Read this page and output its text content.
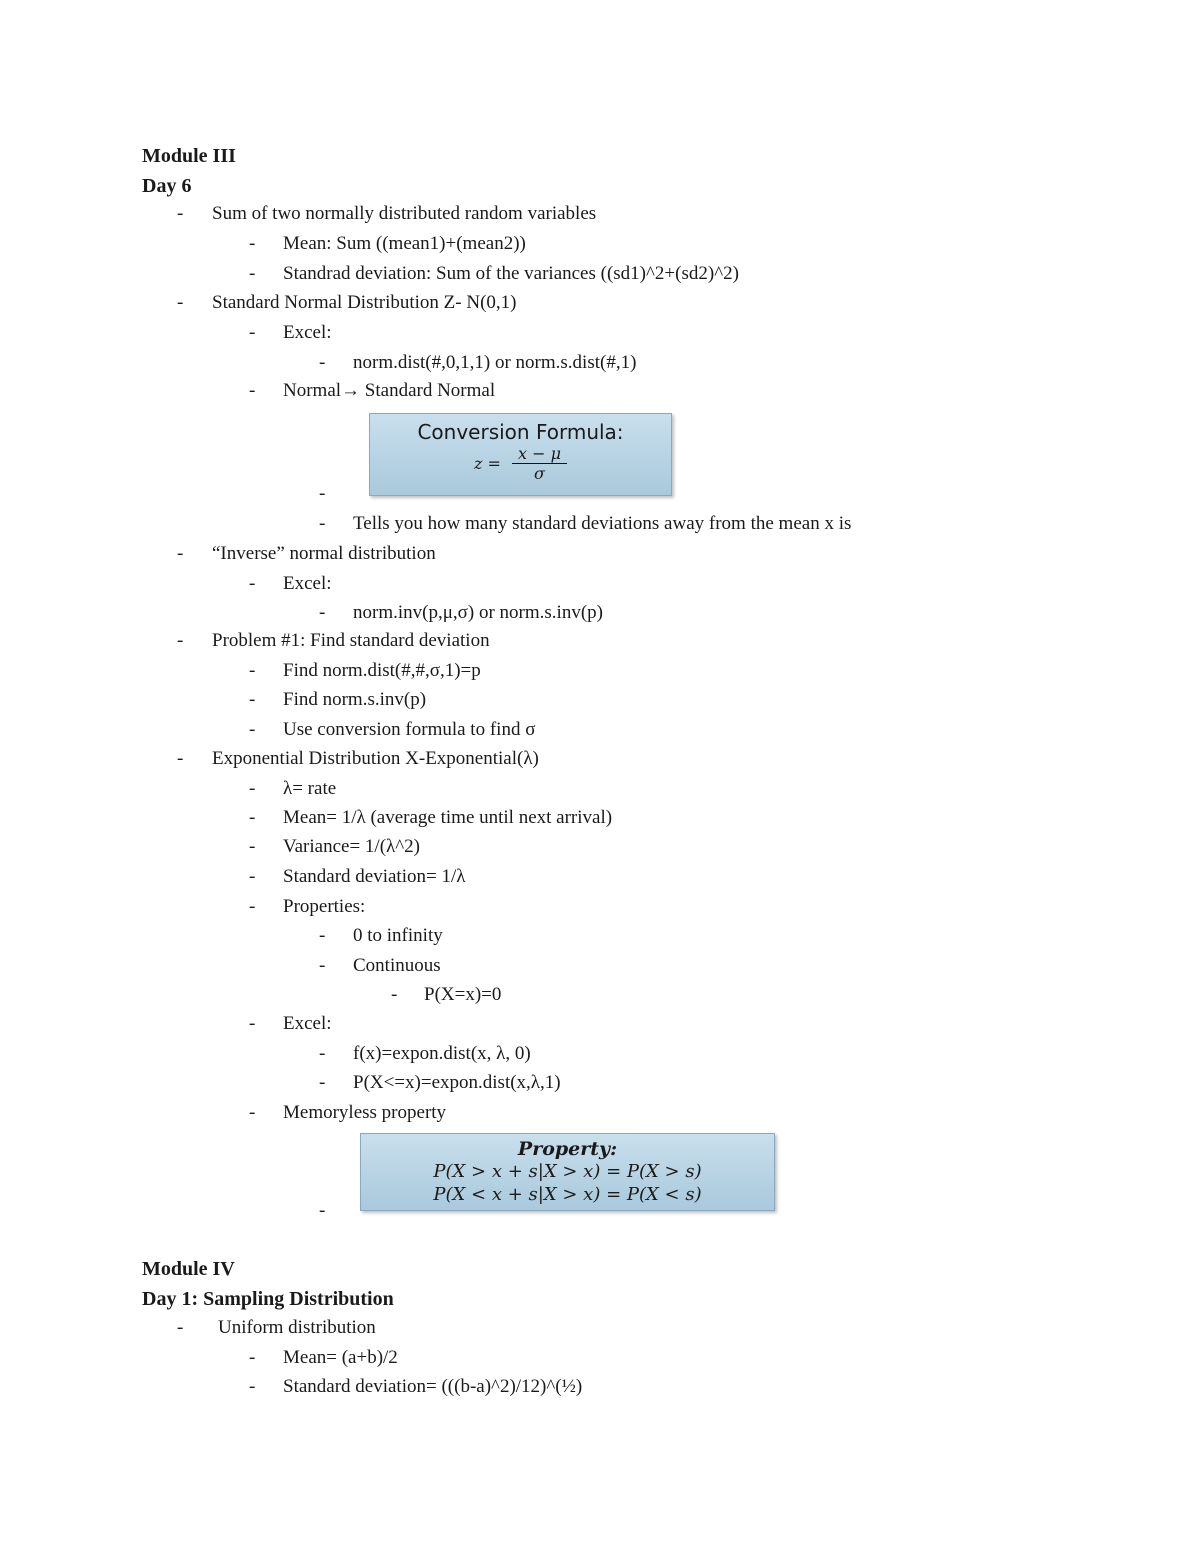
Module III
Day 6
- Sum of two normally distributed random variables
- Mean: Sum ((mean1)+(mean2))
- Standrad deviation: Sum of the variances ((sd1)^2+(sd2)^2)
- Standard Normal Distribution Z- N(0,1)
- Excel:
- norm.dist(#,0,1,1) or norm.s.dist(#,1)
- Normal→ Standard Normal
Conversion Formula:
$z = \frac{x - \mu}{\sigma}$
-
- Tells you how many standard deviations away from the mean x is
- “Inverse” normal distribution
- Excel:
- norm.inv(p,μ,σ) or norm.s.inv(p)
- Problem #1: Find standard deviation
- Find norm.dist(#,#,σ,1)=p
- Find norm.s.inv(p)
- Use conversion formula to find σ
- Exponential Distribution X-Exponential(λ)
- λ= rate
- Mean= 1/λ (average time until next arrival)
- Variance= 1/(λ^2)
- Standard deviation= 1/λ
- Properties:
- 0 to infinity
- Continuous
- P(X=x)=0
- Excel:
- f(x)=expon.dist(x, λ, 0)
- P(X<=x)=expon.dist(x,λ,1)
- Memoryless property
Property:
P(X > x + s|X > x) = P(X > s)
P(X < x + s|X > x) = P(X < s)
-
Module IV
Day 1: Sampling Distribution
- Uniform distribution
- Mean= (a+b)/2
- Standard deviation= (((b-a)^2)/12)^(½)
